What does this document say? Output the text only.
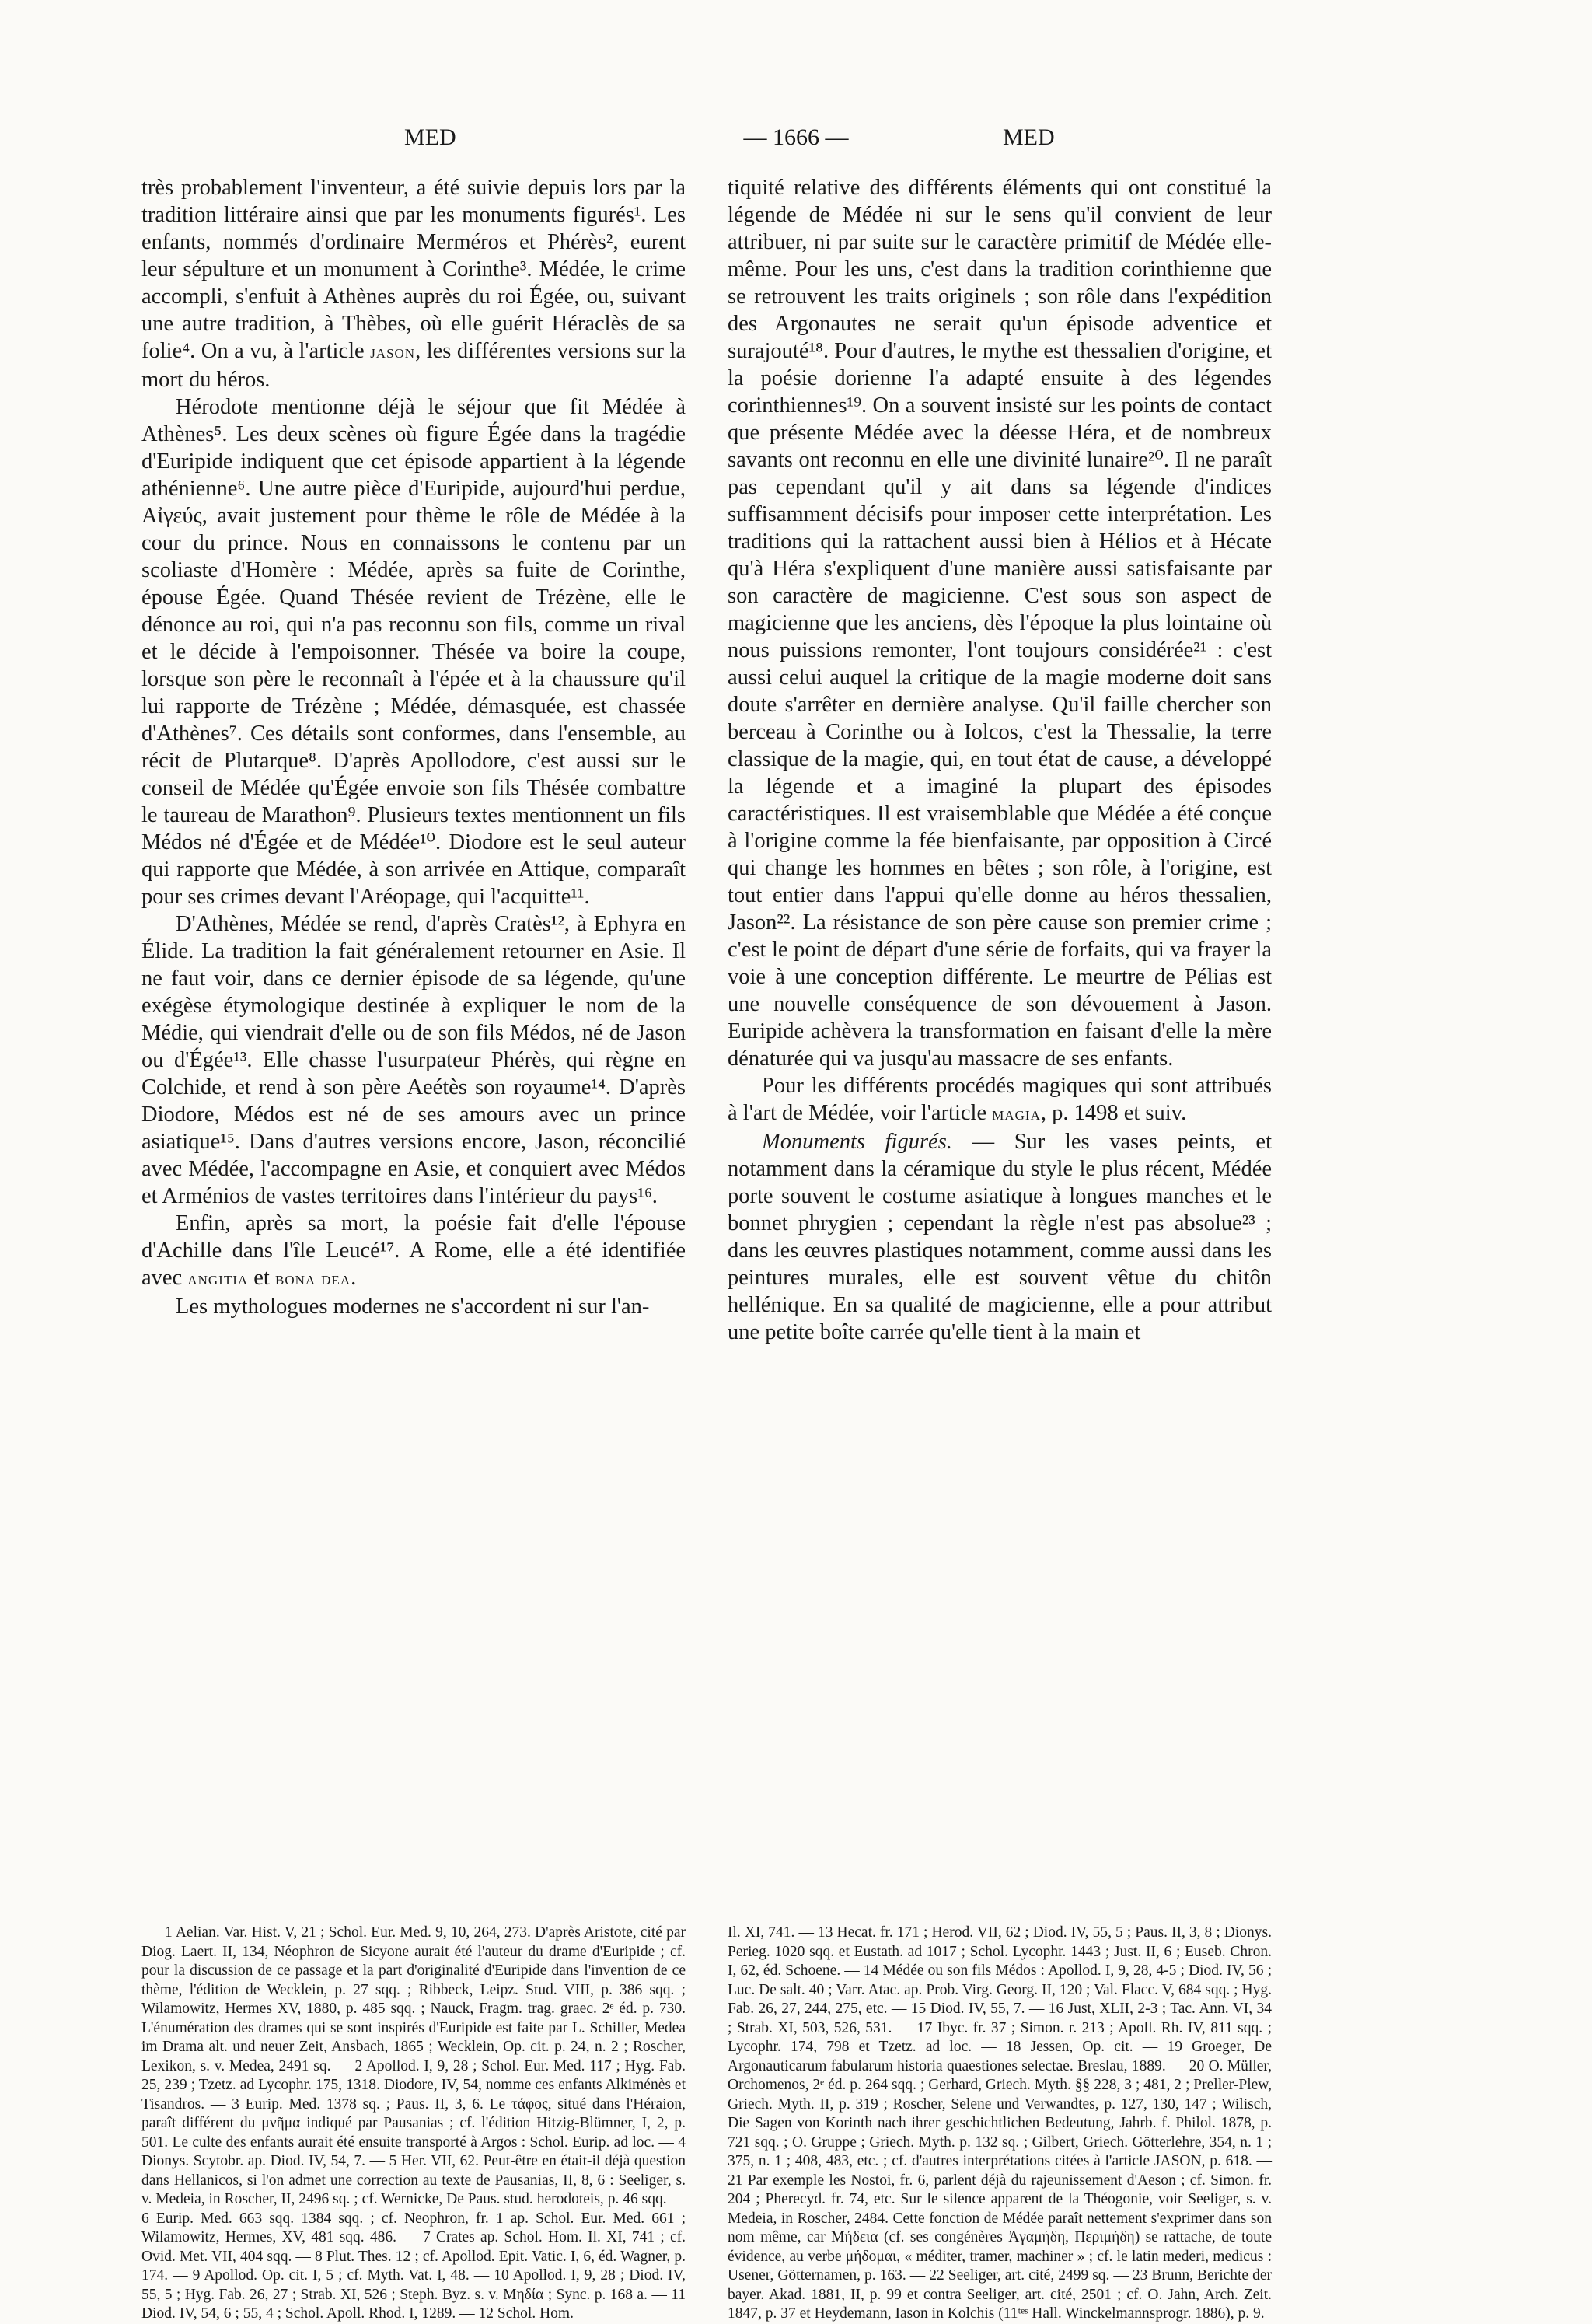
MED	— 1666 —	MED

très probablement l'inventeur, a été suivie depuis lors par la tradition littéraire ainsi que par les monuments figurés¹. Les enfants, nommés d'ordinaire Merméros et Phérès², eurent leur sépulture et un monument à Corinthe³. Médée, le crime accompli, s'enfuit à Athènes auprès du roi Égée, ou, suivant une autre tradition, à Thèbes, où elle guérit Héraclès de sa folie⁴. On a vu, à l'article jason, les différentes versions sur la mort du héros.

Hérodote mentionne déjà le séjour que fit Médée à Athènes⁵. Les deux scènes où figure Égée dans la tragédie d'Euripide indiquent que cet épisode appartient à la légende athénienne⁶. Une autre pièce d'Euripide, aujourd'hui perdue, Αἰγεύς, avait justement pour thème le rôle de Médée à la cour du prince. Nous en connaissons le contenu par un scoliaste d'Homère : Médée, après sa fuite de Corinthe, épouse Égée. Quand Thésée revient de Trézène, elle le dénonce au roi, qui n'a pas reconnu son fils, comme un rival et le décide à l'empoisonner. Thésée va boire la coupe, lorsque son père le reconnaît à l'épée et à la chaussure qu'il lui rapporte de Trézène ; Médée, démasquée, est chassée d'Athènes⁷. Ces détails sont conformes, dans l'ensemble, au récit de Plutarque⁸. D'après Apollodore, c'est aussi sur le conseil de Médée qu'Égée envoie son fils Thésée combattre le taureau de Marathon⁹. Plusieurs textes mentionnent un fils Médos né d'Égée et de Médée¹⁰. Diodore est le seul auteur qui rapporte que Médée, à son arrivée en Attique, comparaît pour ses crimes devant l'Aréopage, qui l'acquitte¹¹.

D'Athènes, Médée se rend, d'après Cratès¹², à Ephyra en Élide. La tradition la fait généralement retourner en Asie. Il ne faut voir, dans ce dernier épisode de sa légende, qu'une exégèse étymologique destinée à expliquer le nom de la Médie, qui viendrait d'elle ou de son fils Médos, né de Jason ou d'Égée¹³. Elle chasse l'usurpateur Phérès, qui règne en Colchide, et rend à son père Aeétès son royaume¹⁴. D'après Diodore, Médos est né de ses amours avec un prince asiatique¹⁵. Dans d'autres versions encore, Jason, réconcilié avec Médée, l'accompagne en Asie, et conquiert avec Médos et Arménios de vastes territoires dans l'intérieur du pays¹⁶.

Enfin, après sa mort, la poésie fait d'elle l'épouse d'Achille dans l'île Leucé¹⁷. A Rome, elle a été identifiée avec angitia et bona dea.

Les mythologues modernes ne s'accordent ni sur l'an-

tiquité relative des différents éléments qui ont constitué la légende de Médée ni sur le sens qu'il convient de leur attribuer, ni par suite sur le caractère primitif de Médée elle-même. Pour les uns, c'est dans la tradition corinthienne que se retrouvent les traits originels ; son rôle dans l'expédition des Argonautes ne serait qu'un épisode adventice et surajouté¹⁸. Pour d'autres, le mythe est thessalien d'origine, et la poésie dorienne l'a adapté ensuite à des légendes corinthiennes¹⁹. On a souvent insisté sur les points de contact que présente Médée avec la déesse Héra, et de nombreux savants ont reconnu en elle une divinité lunaire²⁰. Il ne paraît pas cependant qu'il y ait dans sa légende d'indices suffisamment décisifs pour imposer cette interprétation. Les traditions qui la rattachent aussi bien à Hélios et à Hécate qu'à Héra s'expliquent d'une manière aussi satisfaisante par son caractère de magicienne. C'est sous son aspect de magicienne que les anciens, dès l'époque la plus lointaine où nous puissions remonter, l'ont toujours considérée²¹ : c'est aussi celui auquel la critique de la magie moderne doit sans doute s'arrêter en dernière analyse. Qu'il faille chercher son berceau à Corinthe ou à Iolcos, c'est la Thessalie, la terre classique de la magie, qui, en tout état de cause, a développé la légende et a imaginé la plupart des épisodes caractéristiques. Il est vraisemblable que Médée a été conçue à l'origine comme la fée bienfaisante, par opposition à Circé qui change les hommes en bêtes ; son rôle, à l'origine, est tout entier dans l'appui qu'elle donne au héros thessalien, Jason²². La résistance de son père cause son premier crime ; c'est le point de départ d'une série de forfaits, qui va frayer la voie à une conception différente. Le meurtre de Pélias est une nouvelle conséquence de son dévouement à Jason. Euripide achèvera la transformation en faisant d'elle la mère dénaturée qui va jusqu'au massacre de ses enfants.

Pour les différents procédés magiques qui sont attribués à l'art de Médée, voir l'article magia, p. 1498 et suiv.

Monuments figurés. — Sur les vases peints, et notamment dans la céramique du style le plus récent, Médée porte souvent le costume asiatique à longues manches et le bonnet phrygien ; cependant la règle n'est pas absolue²³ ; dans les œuvres plastiques notamment, comme aussi dans les peintures murales, elle est souvent vêtue du chitôn hellénique. En sa qualité de magicienne, elle a pour attribut une petite boîte carrée qu'elle tient à la main et

1 Aelian. Var. Hist. V, 21 ; Schol. Eur. Med. 9, 10, 264, 273. D'après Aristote, cité par Diog. Laert. II, 134, Néophron de Sicyone aurait été l'auteur du drame d'Euripide ; cf. pour la discussion de ce passage et la part d'originalité d'Euripide dans l'invention de ce thème, l'édition de Wecklein, p. 27 sqq. ; Ribbeck, Leipz. Stud. VIII, p. 386 sqq. ; Wilamowitz, Hermes XV, 1880, p. 485 sqq. ; Nauck, Fragm. trag. graec. 2ᵉ éd. p. 730. L'énumération des drames qui se sont inspirés d'Euripide est faite par L. Schiller, Medea im Drama alt. und neuer Zeit, Ansbach, 1865 ; Wecklein, Op. cit. p. 24, n. 2 ; Roscher, Lexikon, s. v. Medea, 2491 sq. — 2 Apollod. I, 9, 28 ; Schol. Eur. Med. 117 ; Hyg. Fab. 25, 239 ; Tzetz. ad Lycophr. 175, 1318. Diodore, IV, 54, nomme ces enfants Alkiménès et Tisandros. — 3 Eurip. Med. 1378 sq. ; Paus. II, 3, 6. Le τάφος, situé dans l'Héraion, paraît différent du μνῆμα indiqué par Pausanias ; cf. l'édition Hitzig-Blümner, I, 2, p. 501. Le culte des enfants aurait été ensuite transporté à Argos : Schol. Eurip. ad loc. — 4 Dionys. Scytobr. ap. Diod. IV, 54, 7. — 5 Her. VII, 62. Peut-être en était-il déjà question dans Hellanicos, si l'on admet une correction au texte de Pausanias, II, 8, 6 : Seeliger, s. v. Medeia, in Roscher, II, 2496 sq. ; cf. Wernicke, De Paus. stud. herodoteis, p. 46 sqq. — 6 Eurip. Med. 663 sqq. 1384 sqq. ; cf. Neophron, fr. 1 ap. Schol. Eur. Med. 661 ; Wilamowitz, Hermes, XV, 481 sqq. 486. — 7 Crates ap. Schol. Hom. Il. XI, 741 ; cf. Ovid. Met. VII, 404 sqq. — 8 Plut. Thes. 12 ; cf. Apollod. Epit. Vatic. I, 6, éd. Wagner, p. 174. — 9 Apollod. Op. cit. I, 5 ; cf. Myth. Vat. I, 48. — 10 Apollod. I, 9, 28 ; Diod. IV, 55, 5 ; Hyg. Fab. 26, 27 ; Strab. XI, 526 ; Steph. Byz. s. v. Μηδία ; Sync. p. 168 a. — 11 Diod. IV, 54, 6 ; 55, 4 ; Schol. Apoll. Rhod. I, 1289. — 12 Schol. Hom.

Il. XI, 741. — 13 Hecat. fr. 171 ; Herod. VII, 62 ; Diod. IV, 55, 5 ; Paus. II, 3, 8 ; Dionys. Perieg. 1020 sqq. et Eustath. ad 1017 ; Schol. Lycophr. 1443 ; Just. II, 6 ; Euseb. Chron. I, 62, éd. Schoene. — 14 Médée ou son fils Médos : Apollod. I, 9, 28, 4-5 ; Diod. IV, 56 ; Luc. De salt. 40 ; Varr. Atac. ap. Prob. Virg. Georg. II, 120 ; Val. Flacc. V, 684 sqq. ; Hyg. Fab. 26, 27, 244, 275, etc. — 15 Diod. IV, 55, 7. — 16 Just, XLII, 2-3 ; Tac. Ann. VI, 34 ; Strab. XI, 503, 526, 531. — 17 Ibyc. fr. 37 ; Simon. r. 213 ; Apoll. Rh. IV, 811 sqq. ; Lycophr. 174, 798 et Tzetz. ad loc. — 18 Jessen, Op. cit. — 19 Groeger, De Argonauticarum fabularum historia quaestiones selectae. Breslau, 1889. — 20 O. Müller, Orchomenos, 2ᵉ éd. p. 264 sqq. ; Gerhard, Griech. Myth. §§ 228, 3 ; 481, 2 ; Preller-Plew, Griech. Myth. II, p. 319 ; Roscher, Selene und Verwandtes, p. 127, 130, 147 ; Wilisch, Die Sagen von Korinth nach ihrer geschichtlichen Bedeutung, Jahrb. f. Philol. 1878, p. 721 sqq. ; O. Gruppe ; Griech. Myth. p. 132 sq. ; Gilbert, Griech. Götterlehre, 354, n. 1 ; 375, n. 1 ; 408, 483, etc. ; cf. d'autres interprétations citées à l'article JASON, p. 618. — 21 Par exemple les Nostoi, fr. 6, parlent déjà du rajeunissement d'Aeson ; cf. Simon. fr. 204 ; Pherecyd. fr. 74, etc. Sur le silence apparent de la Théogonie, voir Seeliger, s. v. Medeia, in Roscher, 2484. Cette fonction de Médée paraît nettement s'exprimer dans son nom même, car Μήδεια (cf. ses congénères Ἀγαμήδη, Περιμήδη) se rattache, de toute évidence, au verbe μήδομαι, « méditer, tramer, machiner » ; cf. le latin mederi, medicus : Usener, Götternamen, p. 163. — 22 Seeliger, art. cité, 2499 sq. — 23 Brunn, Berichte der bayer. Akad. 1881, II, p. 99 et contra Seeliger, art. cité, 2501 ; cf. O. Jahn, Arch. Zeit. 1847, p. 37 et Heydemann, Iason in Kolchis (11ᵗᵉˢ Hall. Winckelmannsprogr. 1886), p. 9.
